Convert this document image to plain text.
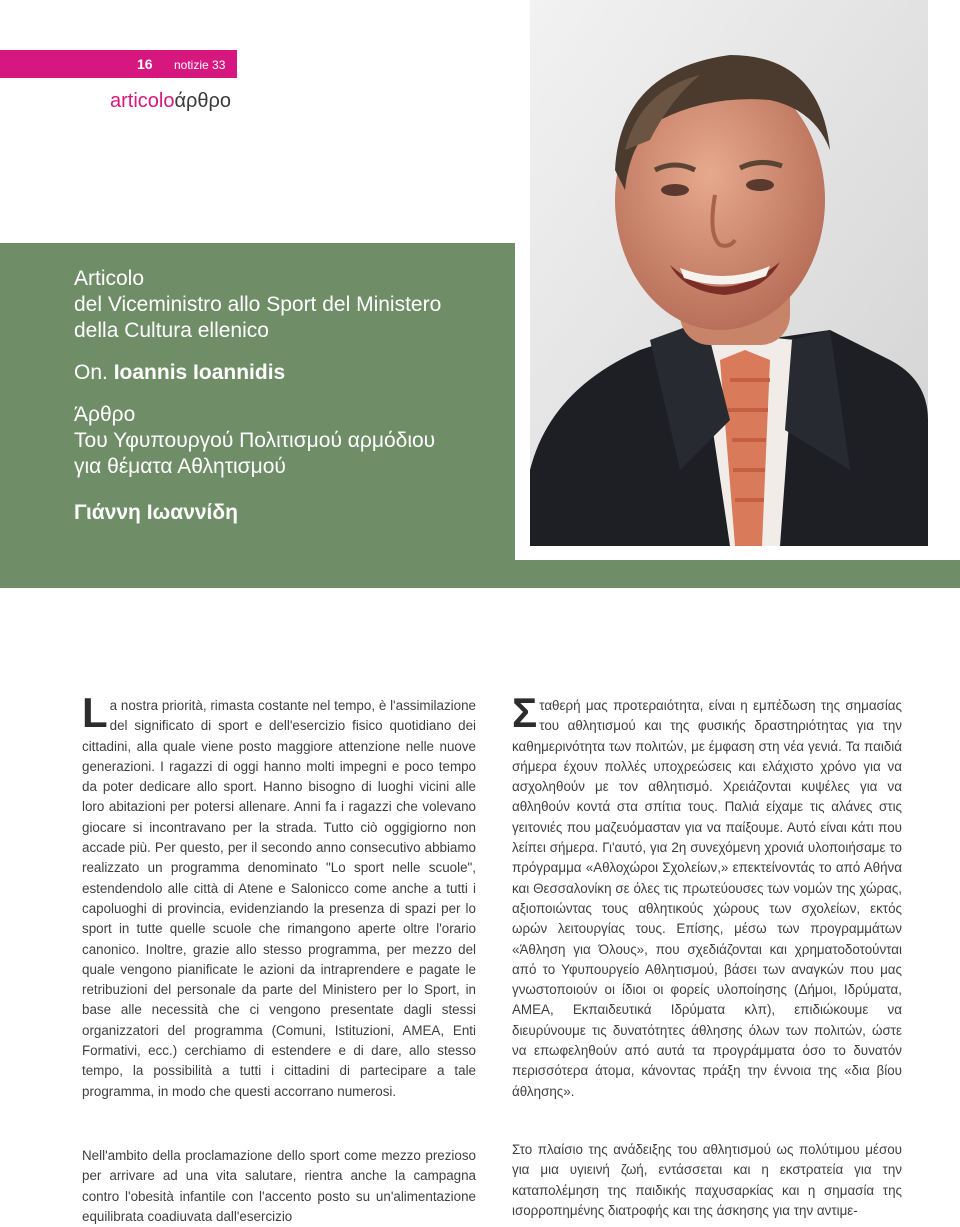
16 notizie 33
articoloάρθρο
Articolo
del Viceministro allo Sport del Ministero
della Cultura ellenico
On. Ioannis Ioannidis
Άρθρο
Του Υφυπουργού Πολιτισμού αρμόδιου
για θέματα Αθλητισμού
Γιάννη Ιωαννίδη
La nostra priorità, rimasta costante nel tempo, è l'assimilazione del significato di sport e dell'esercizio fisico quotidiano dei cittadini, alla quale viene posto maggiore attenzione nelle nuove generazioni. I ragazzi di oggi hanno molti impegni e poco tempo da poter dedicare allo sport. Hanno bisogno di luoghi vicini alle loro abitazioni per potersi allenare. Anni fa i ragazzi che volevano giocare si incontravano per la strada. Tutto ciò oggigiorno non accade più. Per questo, per il secondo anno consecutivo abbiamo realizzato un programma denominato "Lo sport nelle scuole", estendendolo alle città di Atene e Salonicco come anche a tutti i capoluoghi di provincia, evidenziando la presenza di spazi per lo sport in tutte quelle scuole che rimangono aperte oltre l'orario canonico. Inoltre, grazie allo stesso programma, per mezzo del quale vengono pianificate le azioni da intraprendere e pagate le retribuzioni del personale da parte del Ministero per lo Sport, in base alle necessità che ci vengono presentate dagli stessi organizzatori del programma (Comuni, Istituzioni, AMEA, Enti Formativi, ecc.) cerchiamo di estendere e di dare, allo stesso tempo, la possibilità a tutti i cittadini di partecipare a tale programma, in modo che questi accorrano numerosi.
Nell'ambito della proclamazione dello sport come mezzo prezioso per arrivare ad una vita salutare, rientra anche la campagna contro l'obesità infantile con l'accento posto su un'alimentazione equilibrata coadiuvata dall'esercizio
Σταθερή μας προτεραιότητα, είναι η εμπέδωση της σημασίας του αθλητισμού και της φυσικής δραστηριότητας για την καθημερινότητα των πολιτών, με έμφαση στη νέα γενιά. Τα παιδιά σήμερα έχουν πολλές υποχρεώσεις και ελάχιστο χρόνο για να ασχοληθούν με τον αθλητισμό. Χρειάζονται κυψέλες για να αθληθούν κοντά στα σπίτια τους. Παλιά είχαμε τις αλάνες στις γειτονιές που μαζευόμασταν για να παίξουμε. Αυτό είναι κάτι που λείπει σήμερα. Γι'αυτό, για 2η συνεχόμενη χρονιά υλοποιήσαμε το πρόγραμμα «Αθλοχώροι Σχολείων,» επεκτείνοντάς το από Αθήνα και Θεσσαλονίκη σε όλες τις πρωτεύουσες των νομών της χώρας, αξιοποιώντας τους αθλητικούς χώρους των σχολείων, εκτός ωρών λειτουργίας τους. Επίσης, μέσω των προγραμμάτων «Άθληση για Όλους», που σχεδιάζονται και χρηματοδοτούνται από το Υφυπουργείο Αθλητισμού, βάσει των αναγκών που μας γνωστοποιούν οι ίδιοι οι φορείς υλοποίησης (Δήμοι, Ιδρύματα, ΑΜΕΑ, Εκπαιδευτικά Ιδρύματα κλπ), επιδιώκουμε να διευρύνουμε τις δυνατότητες άθλησης όλων των πολιτών, ώστε να επωφεληθούν από αυτά τα προγράμματα όσο το δυνατόν περισσότερα άτομα, κάνοντας πράξη την έννοια της «δια βίου άθλησης».
Στο πλαίσιο της ανάδειξης του αθλητισμού ως πολύτιμου μέσου για μια υγιεινή ζωή, εντάσσεται και η εκστρατεία για την καταπολέμηση της παιδικής παχυσαρκίας και η σημασία της ισορροπημένης διατροφής και της άσκησης για την αντιμε-
